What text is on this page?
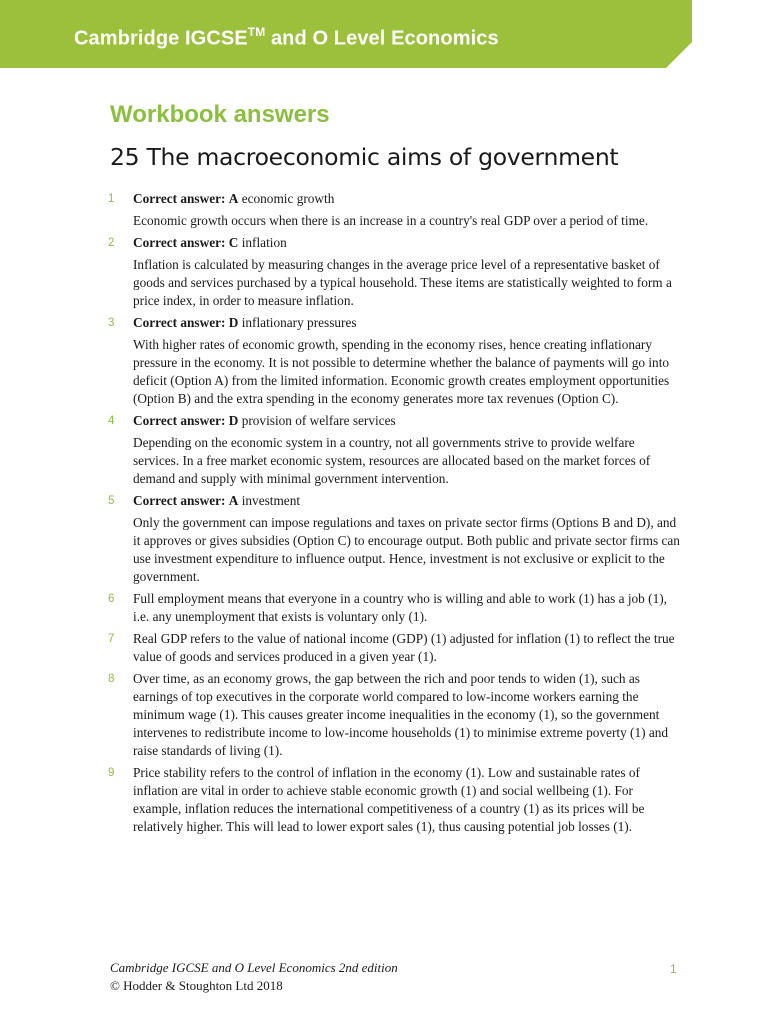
Cambridge IGCSE™ and O Level Economics
Workbook answers
25 The macroeconomic aims of government
1 Correct answer: A economic growth

Economic growth occurs when there is an increase in a country's real GDP over a period of time.

2 Correct answer: C inflation

Inflation is calculated by measuring changes in the average price level of a representative basket of goods and services purchased by a typical household. These items are statistically weighted to form a price index, in order to measure inflation.

3 Correct answer: D inflationary pressures

With higher rates of economic growth, spending in the economy rises, hence creating inflationary pressure in the economy. It is not possible to determine whether the balance of payments will go into deficit (Option A) from the limited information. Economic growth creates employment opportunities (Option B) and the extra spending in the economy generates more tax revenues (Option C).

4 Correct answer: D provision of welfare services

Depending on the economic system in a country, not all governments strive to provide welfare services. In a free market economic system, resources are allocated based on the market forces of demand and supply with minimal government intervention.

5 Correct answer: A investment

Only the government can impose regulations and taxes on private sector firms (Options B and D), and it approves or gives subsidies (Option C) to encourage output. Both public and private sector firms can use investment expenditure to influence output. Hence, investment is not exclusive or explicit to the government.

6 Full employment means that everyone in a country who is willing and able to work (1) has a job (1), i.e. any unemployment that exists is voluntary only (1).

7 Real GDP refers to the value of national income (GDP) (1) adjusted for inflation (1) to reflect the true value of goods and services produced in a given year (1).

8 Over time, as an economy grows, the gap between the rich and poor tends to widen (1), such as earnings of top executives in the corporate world compared to low-income workers earning the minimum wage (1). This causes greater income inequalities in the economy (1), so the government intervenes to redistribute income to low-income households (1) to minimise extreme poverty (1) and raise standards of living (1).

9 Price stability refers to the control of inflation in the economy (1). Low and sustainable rates of inflation are vital in order to achieve stable economic growth (1) and social wellbeing (1). For example, inflation reduces the international competitiveness of a country (1) as its prices will be relatively higher. This will lead to lower export sales (1), thus causing potential job losses (1).

Cambridge IGCSE and O Level Economics 2nd edition
© Hodder & Stoughton Ltd 2018
1
